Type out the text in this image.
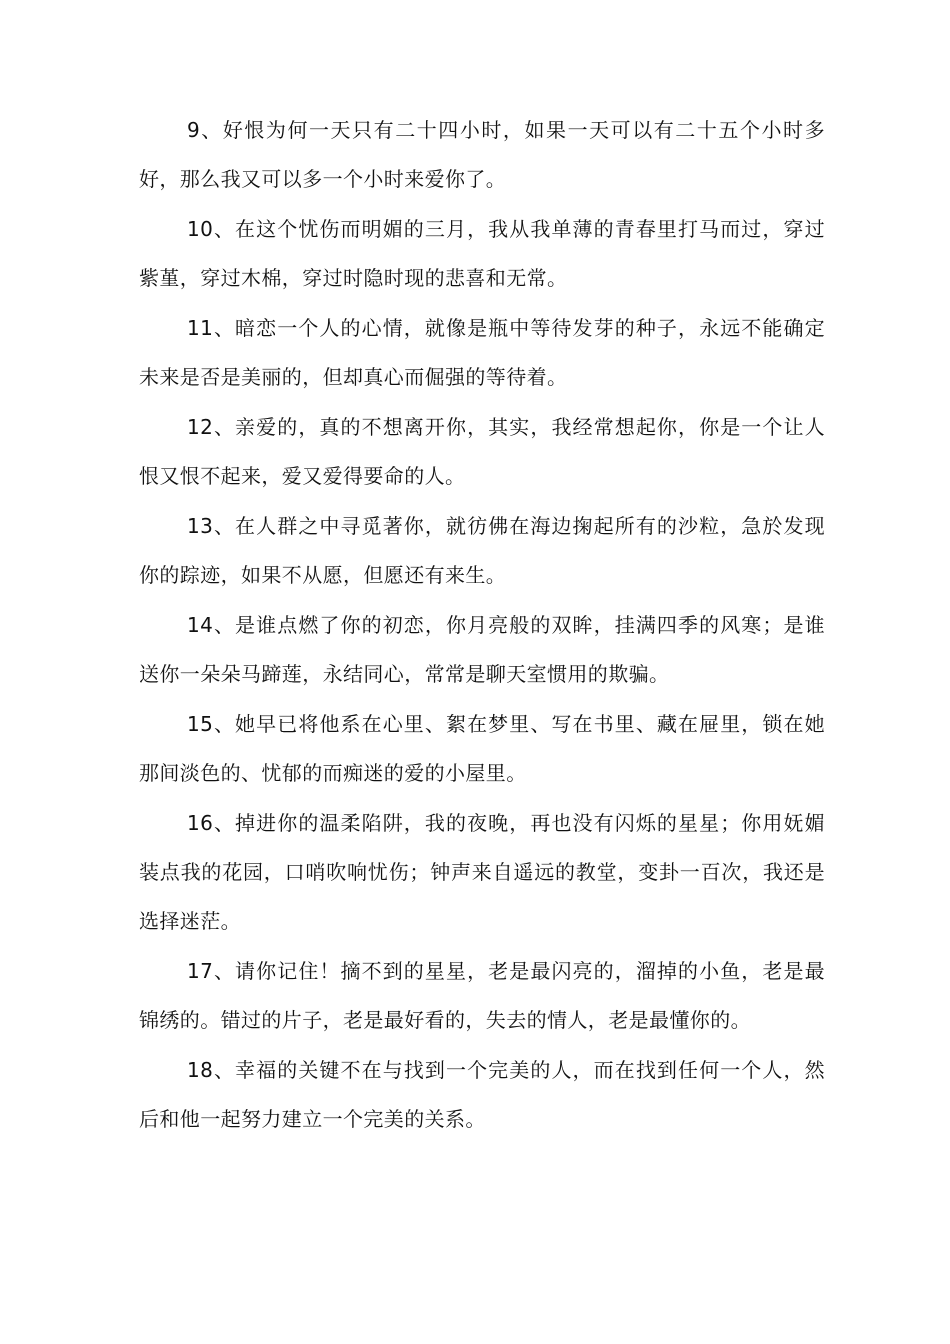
9、好恨为何一天只有二十四小时，如果一天可以有二十五个小时多好，那么我又可以多一个小时来爱你了。

10、在这个忧伤而明媚的三月，我从我单薄的青春里打马而过，穿过紫堇，穿过木棉，穿过时隐时现的悲喜和无常。

11、暗恋一个人的心情，就像是瓶中等待发芽的种子，永远不能确定未来是否是美丽的，但却真心而倔强的等待着。

12、亲爱的，真的不想离开你，其实，我经常想起你，你是一个让人恨又恨不起来，爱又爱得要命的人。

13、在人群之中寻觅著你，就彷佛在海边掬起所有的沙粒，急於发现你的踪迹，如果不从愿，但愿还有来生。

14、是谁点燃了你的初恋，你月亮般的双眸，挂满四季的风寒；是谁送你一朵朵马蹄莲，永结同心，常常是聊天室惯用的欺骗。

15、她早已将他系在心里、絮在梦里、写在书里、藏在屉里，锁在她那间淡色的、忧郁的而痴迷的爱的小屋里。

16、掉进你的温柔陷阱，我的夜晚，再也没有闪烁的星星；你用妩媚装点我的花园，口哨吹响忧伤；钟声来自遥远的教堂，变卦一百次，我还是选择迷茫。

17、请你记住！摘不到的星星，老是最闪亮的，溜掉的小鱼，老是最锦绣的。错过的片子，老是最好看的，失去的情人，老是最懂你的。

18、幸福的关键不在与找到一个完美的人，而在找到任何一个人，然后和他一起努力建立一个完美的关系。
